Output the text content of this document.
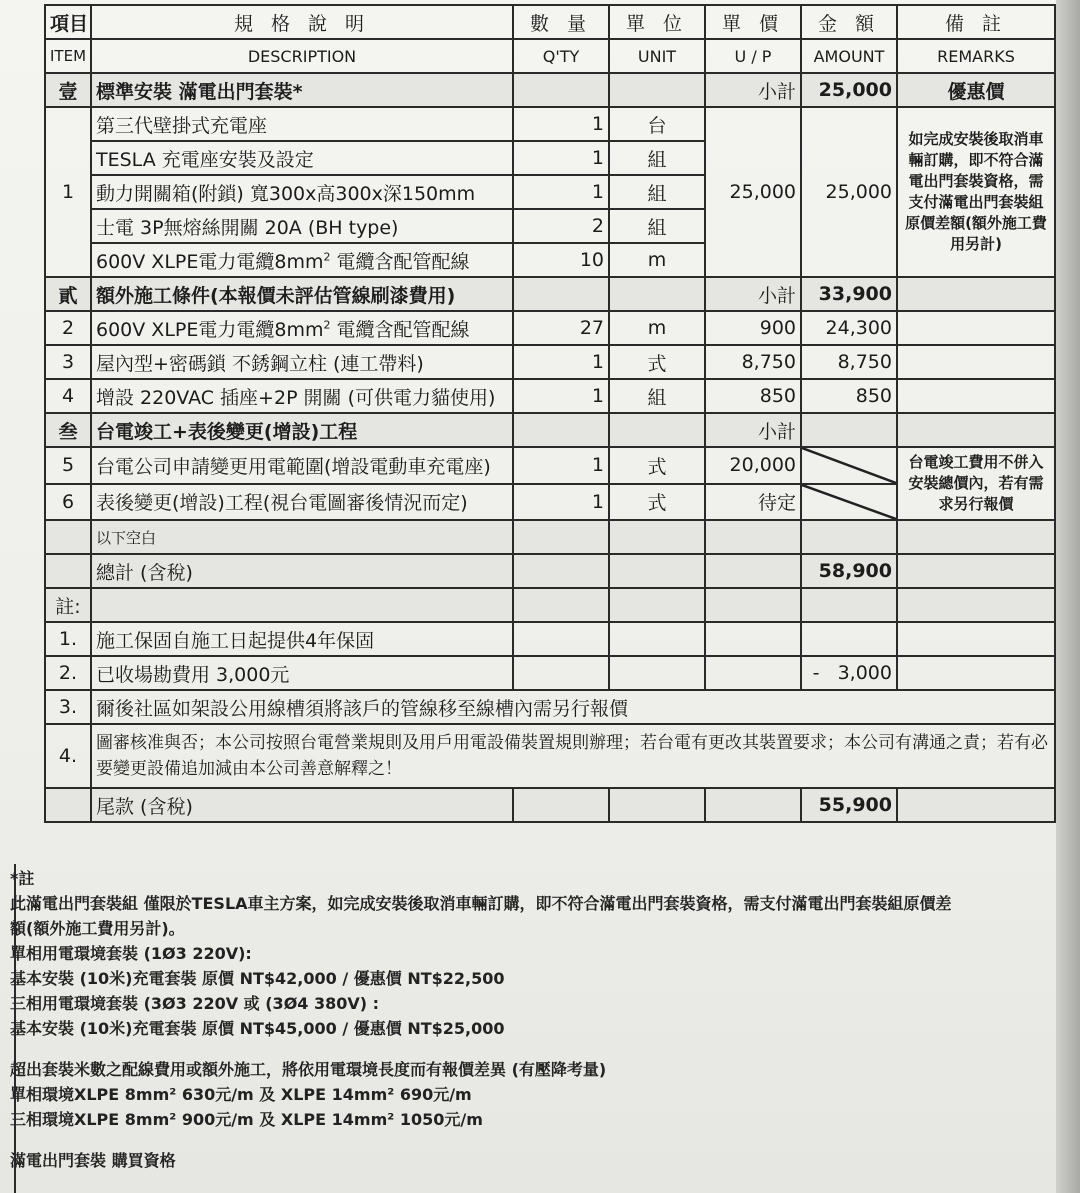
項目	規 格 說 明	數 量	單 位	單 價	金 額	備 註
ITEM	DESCRIPTION	Q'TY	UNIT	U / P	AMOUNT	REMARKS
壹	標準安裝 滿電出門套裝*			小計	25,000	優惠價
1	第三代壁掛式充電座	1	台	25,000	25,000	如完成安裝後取消車輛訂購，即不符合滿電出門套裝資格，需支付滿電出門套裝組原價差額(額外施工費用另計)
	TESLA 充電座安裝及設定	1	組			
	動力開關箱(附鎖) 寬300x高300x深150mm	1	組			
	士電 3P無熔絲開關 20A (BH type)	2	組			
	600V XLPE電力電纜$8mm^2$ 電纜含配管配線	10	m			
貳	額外施工條件(本報價未評估管線刷漆費用)			小計	33,900	
2	600V XLPE電力電纜$8mm^2$ 電纜含配管配線	27	m	900	24,300	
3	屋內型+密碼鎖 不銹鋼立柱 (連工帶料)	1	式	8,750	8,750	
4	增設 220VAC 插座+2P 開關 (可供電力貓使用)	1	組	850	850	
叁	台電竣工+表後變更(增設)工程			小計		
5	台電公司申請變更用電範圍(增設電動車充電座)	1	式	20,000		台電竣工費用不併入安裝總價內，若有需求另行報價
6	表後變更(增設)工程(視台電圖審後情況而定)	1	式	待定		
	以下空白					
	總計 (含稅)				58,900	
註:						
1.	施工保固自施工日起提供4年保固					
2.	已收場勘費用 3,000元				- 3,000	
3.	爾後社區如架設公用線槽須將該戶的管線移至線槽內需另行報價					
4.	圖審核准與否；本公司按照台電營業規則及用戶用電設備裝置規則辦理；若台電有更改其裝置要求；本公司有溝通之責；若有必要變更設備追加減由本公司善意解釋之！					
	尾款 (含稅)				55,900	
*註
此滿電出門套裝組 僅限於TESLA車主方案，如完成安裝後取消車輛訂購，即不符合滿電出門套裝資格，需支付滿電出門套裝組原價差
額(額外施工費用另計)。
單相用電環境套裝 (1Ø3 220V):
基本安裝 (10米)充電套裝 原價 NT$42,000 / 優惠價 NT$22,500
三相用電環境套裝 (3Ø3 220V 或 (3Ø4 380V) :
基本安裝 (10米)充電套裝 原價 NT$45,000 / 優惠價 NT$25,000
超出套裝米數之配線費用或額外施工，將依用電環境長度而有報價差異 (有壓降考量)
單相環境XLPE 8mm² 630元/m 及 XLPE 14mm² 690元/m
三相環境XLPE 8mm² 900元/m 及 XLPE 14mm² 1050元/m
滿電出門套裝 購買資格
